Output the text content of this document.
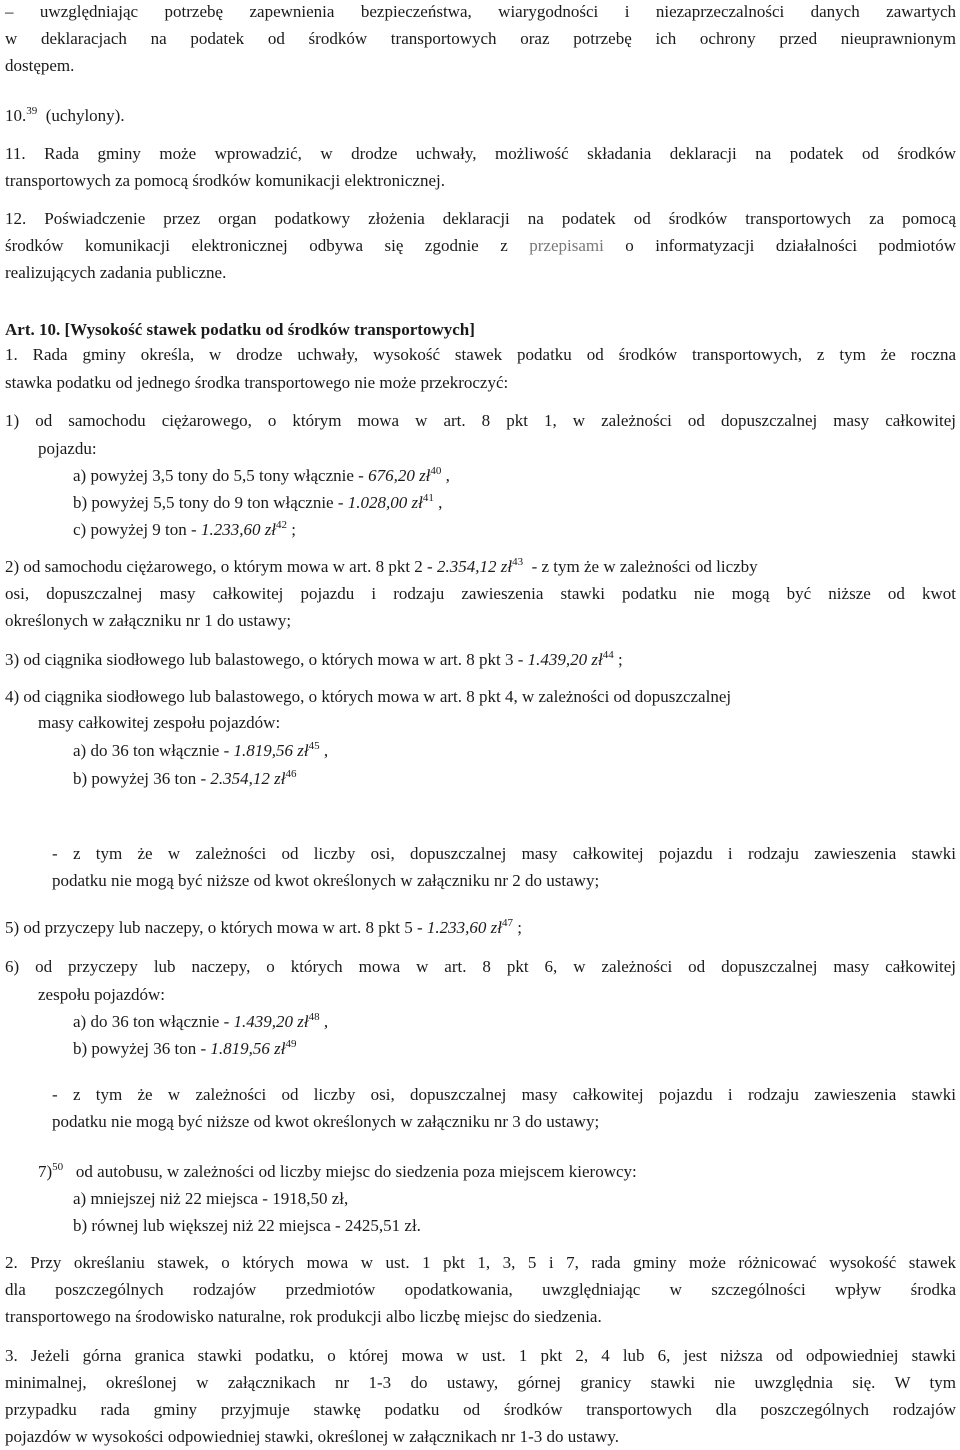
– uwzględniając potrzebę zapewnienia bezpieczeństwa, wiarygodności i niezaprzeczalności danych zawartych
w deklaracjach na podatek od środków transportowych oraz potrzebę ich ochrony przed nieuprawnionym
dostępem.
10.39  (uchylony).
11. Rada gminy może wprowadzić, w drodze uchwały, możliwość składania deklaracji na podatek od środków
transportowych za pomocą środków komunikacji elektronicznej.
12. Poświadczenie przez organ podatkowy złożenia deklaracji na podatek od środków transportowych za pomocą
środków komunikacji elektronicznej odbywa się zgodnie z przepisami o informatyzacji działalności podmiotów
realizujących zadania publiczne.
Art. 10. [Wysokość stawek podatku od środków transportowych]
1. Rada gminy określa, w drodze uchwały, wysokość stawek podatku od środków transportowych, z tym że roczna
stawka podatku od jednego środka transportowego nie może przekroczyć:
1) od samochodu ciężarowego, o którym mowa w art. 8 pkt 1, w zależności od dopuszczalnej masy całkowitej
pojazdu:
a) powyżej 3,5 tony do 5,5 tony włącznie - 676,20 $zł^{40}$ ,
b) powyżej 5,5 tony do 9 ton włącznie - 1.028,00 $zł^{41}$ ,
c) powyżej 9 ton - 1.233,60 $zł^{42}$ ;
2) od samochodu ciężarowego, o którym mowa w art. 8 pkt 2 - 2.354,12 $zł^{43}$  - z tym że w zależności od liczby
osi, dopuszczalnej masy całkowitej pojazdu i rodzaju zawieszenia stawki podatku nie mogą być niższe od kwot
określonych w załączniku nr 1 do ustawy;
3) od ciągnika siodłowego lub balastowego, o których mowa w art. 8 pkt 3 - 1.439,20 $zł^{44}$ ;
4) od ciągnika siodłowego lub balastowego, o których mowa w art. 8 pkt 4, w zależności od dopuszczalnej
masy całkowitej zespołu pojazdów:
a) do 36 ton włącznie - 1.819,56 $zł^{45}$ ,
b) powyżej 36 ton - 2.354,12 $zł^{46}$
- z tym że w zależności od liczby osi, dopuszczalnej masy całkowitej pojazdu i rodzaju zawieszenia stawki
podatku nie mogą być niższe od kwot określonych w załączniku nr 2 do ustawy;
5) od przyczepy lub naczepy, o których mowa w art. 8 pkt 5 - 1.233,60 $zł^{47}$ ;
6) od przyczepy lub naczepy, o których mowa w art. 8 pkt 6, w zależności od dopuszczalnej masy całkowitej
zespołu pojazdów:
a) do 36 ton włącznie - 1.439,20 $zł^{48}$ ,
b) powyżej 36 ton - 1.819,56 $zł^{49}$
- z tym że w zależności od liczby osi, dopuszczalnej masy całkowitej pojazdu i rodzaju zawieszenia stawki
podatku nie mogą być niższe od kwot określonych w załączniku nr 3 do ustawy;
7)$^{50}$   od autobusu, w zależności od liczby miejsc do siedzenia poza miejscem kierowcy:
a) mniejszej niż 22 miejsca - 1918,50 zł,
b) równej lub większej niż 22 miejsca - 2425,51 zł.
2. Przy określaniu stawek, o których mowa w ust. 1 pkt 1, 3, 5 i 7, rada gminy może różnicować wysokość stawek
dla poszczególnych rodzajów przedmiotów opodatkowania, uwzględniając w szczególności wpływ środka
transportowego na środowisko naturalne, rok produkcji albo liczbę miejsc do siedzenia.
3. Jeżeli górna granica stawki podatku, o której mowa w ust. 1 pkt 2, 4 lub 6, jest niższa od odpowiedniej stawki
minimalnej, określonej w załącznikach nr 1-3 do ustawy, górnej granicy stawki nie uwzględnia się. W tym
przypadku rada gminy przyjmuje stawkę podatku od środków transportowych dla poszczególnych rodzajów
pojazdów w wysokości odpowiedniej stawki, określonej w załącznikach nr 1-3 do ustawy.
